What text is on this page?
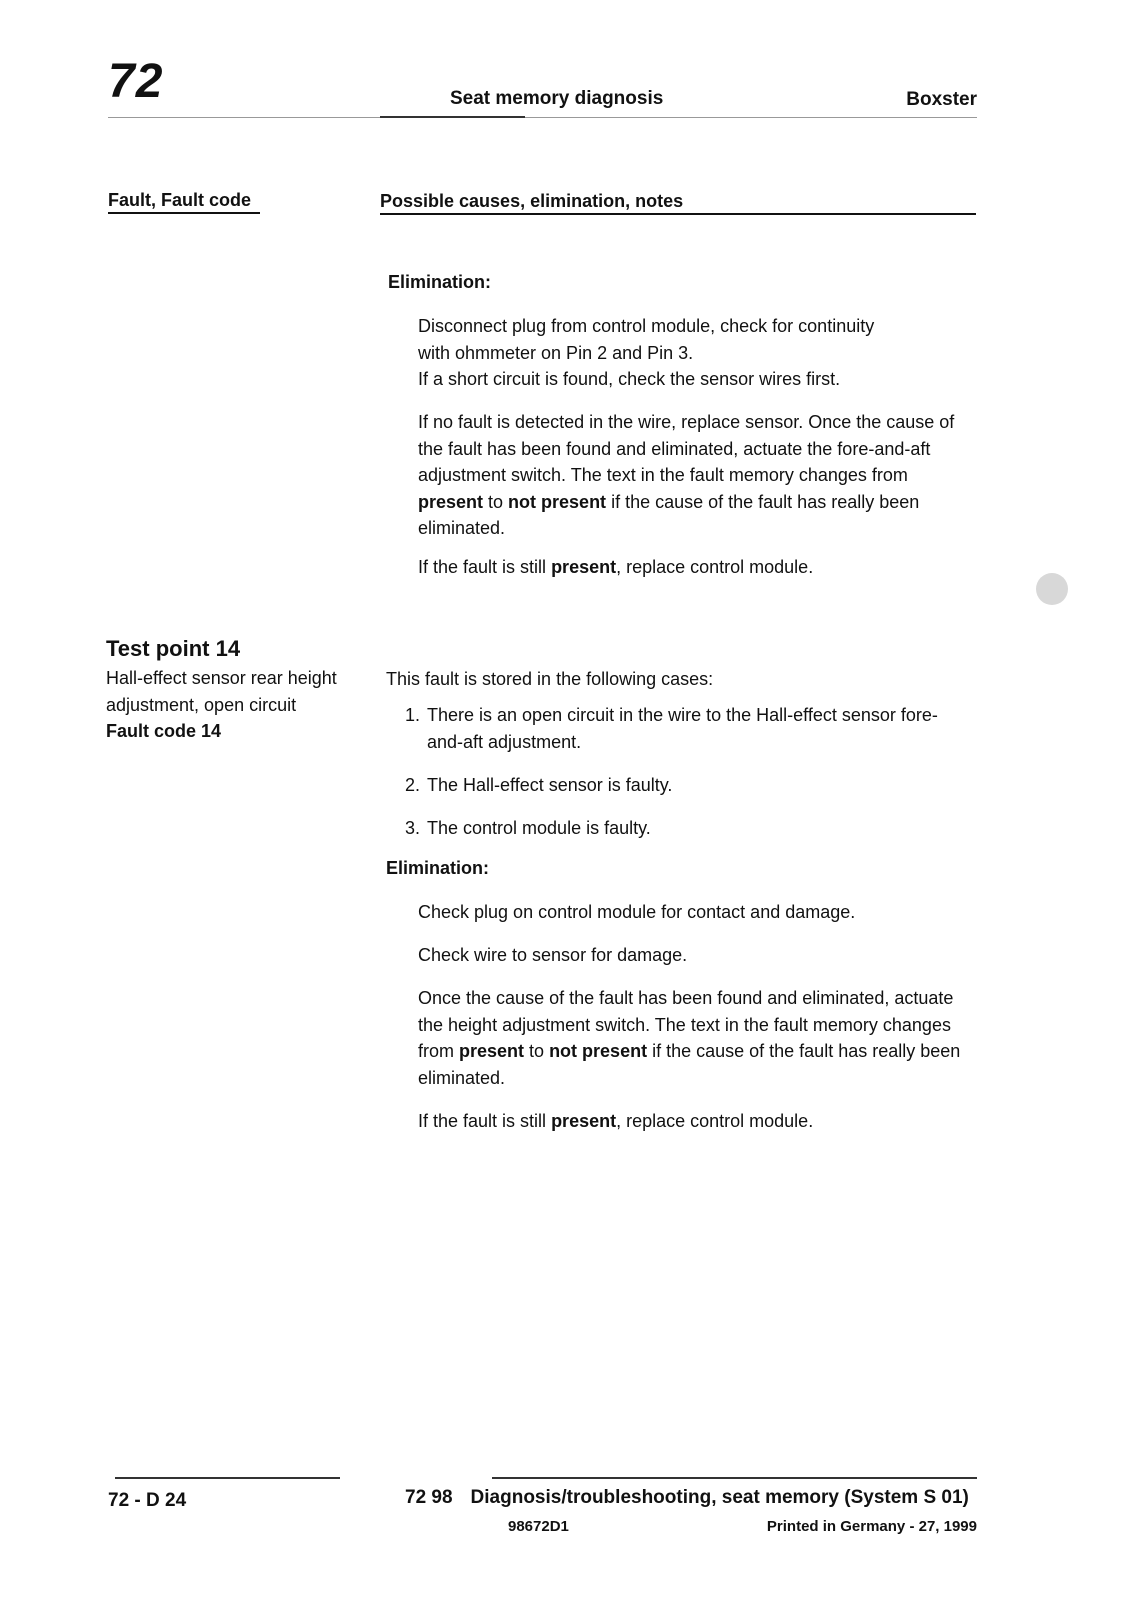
72	Seat memory diagnosis	Boxster
Fault, Fault code	Possible causes, elimination, notes
Elimination:
Disconnect plug from control module, check for continuity
with ohmmeter on Pin 2 and Pin 3.
If a short circuit is found, check the sensor wires first.
If no fault is detected in the wire, replace sensor. Once the cause of the fault has been found and eliminated, actuate the fore-and-aft adjustment switch. The text in the fault memory changes from present to not present if the cause of the fault has really been eliminated.
If the fault is still present, replace control module.
Test point 14
Hall-effect sensor rear height
adjustment, open circuit
Fault code 14
This fault is stored in the following cases:
1. There is an open circuit in the wire to the Hall-effect sensor fore-and-aft adjustment.
2. The Hall-effect sensor is faulty.
3. The control module is faulty.
Elimination:
Check plug on control module for contact and damage.
Check wire to sensor for damage.
Once the cause of the fault has been found and eliminated, actuate the height adjustment switch. The text in the fault memory changes from present to not present if the cause of the fault has really been eliminated.
If the fault is still present, replace control module.
72 - D 24	72 98 Diagnosis/troubleshooting, seat memory (System S 01)
98672D1	Printed in Germany - 27, 1999
